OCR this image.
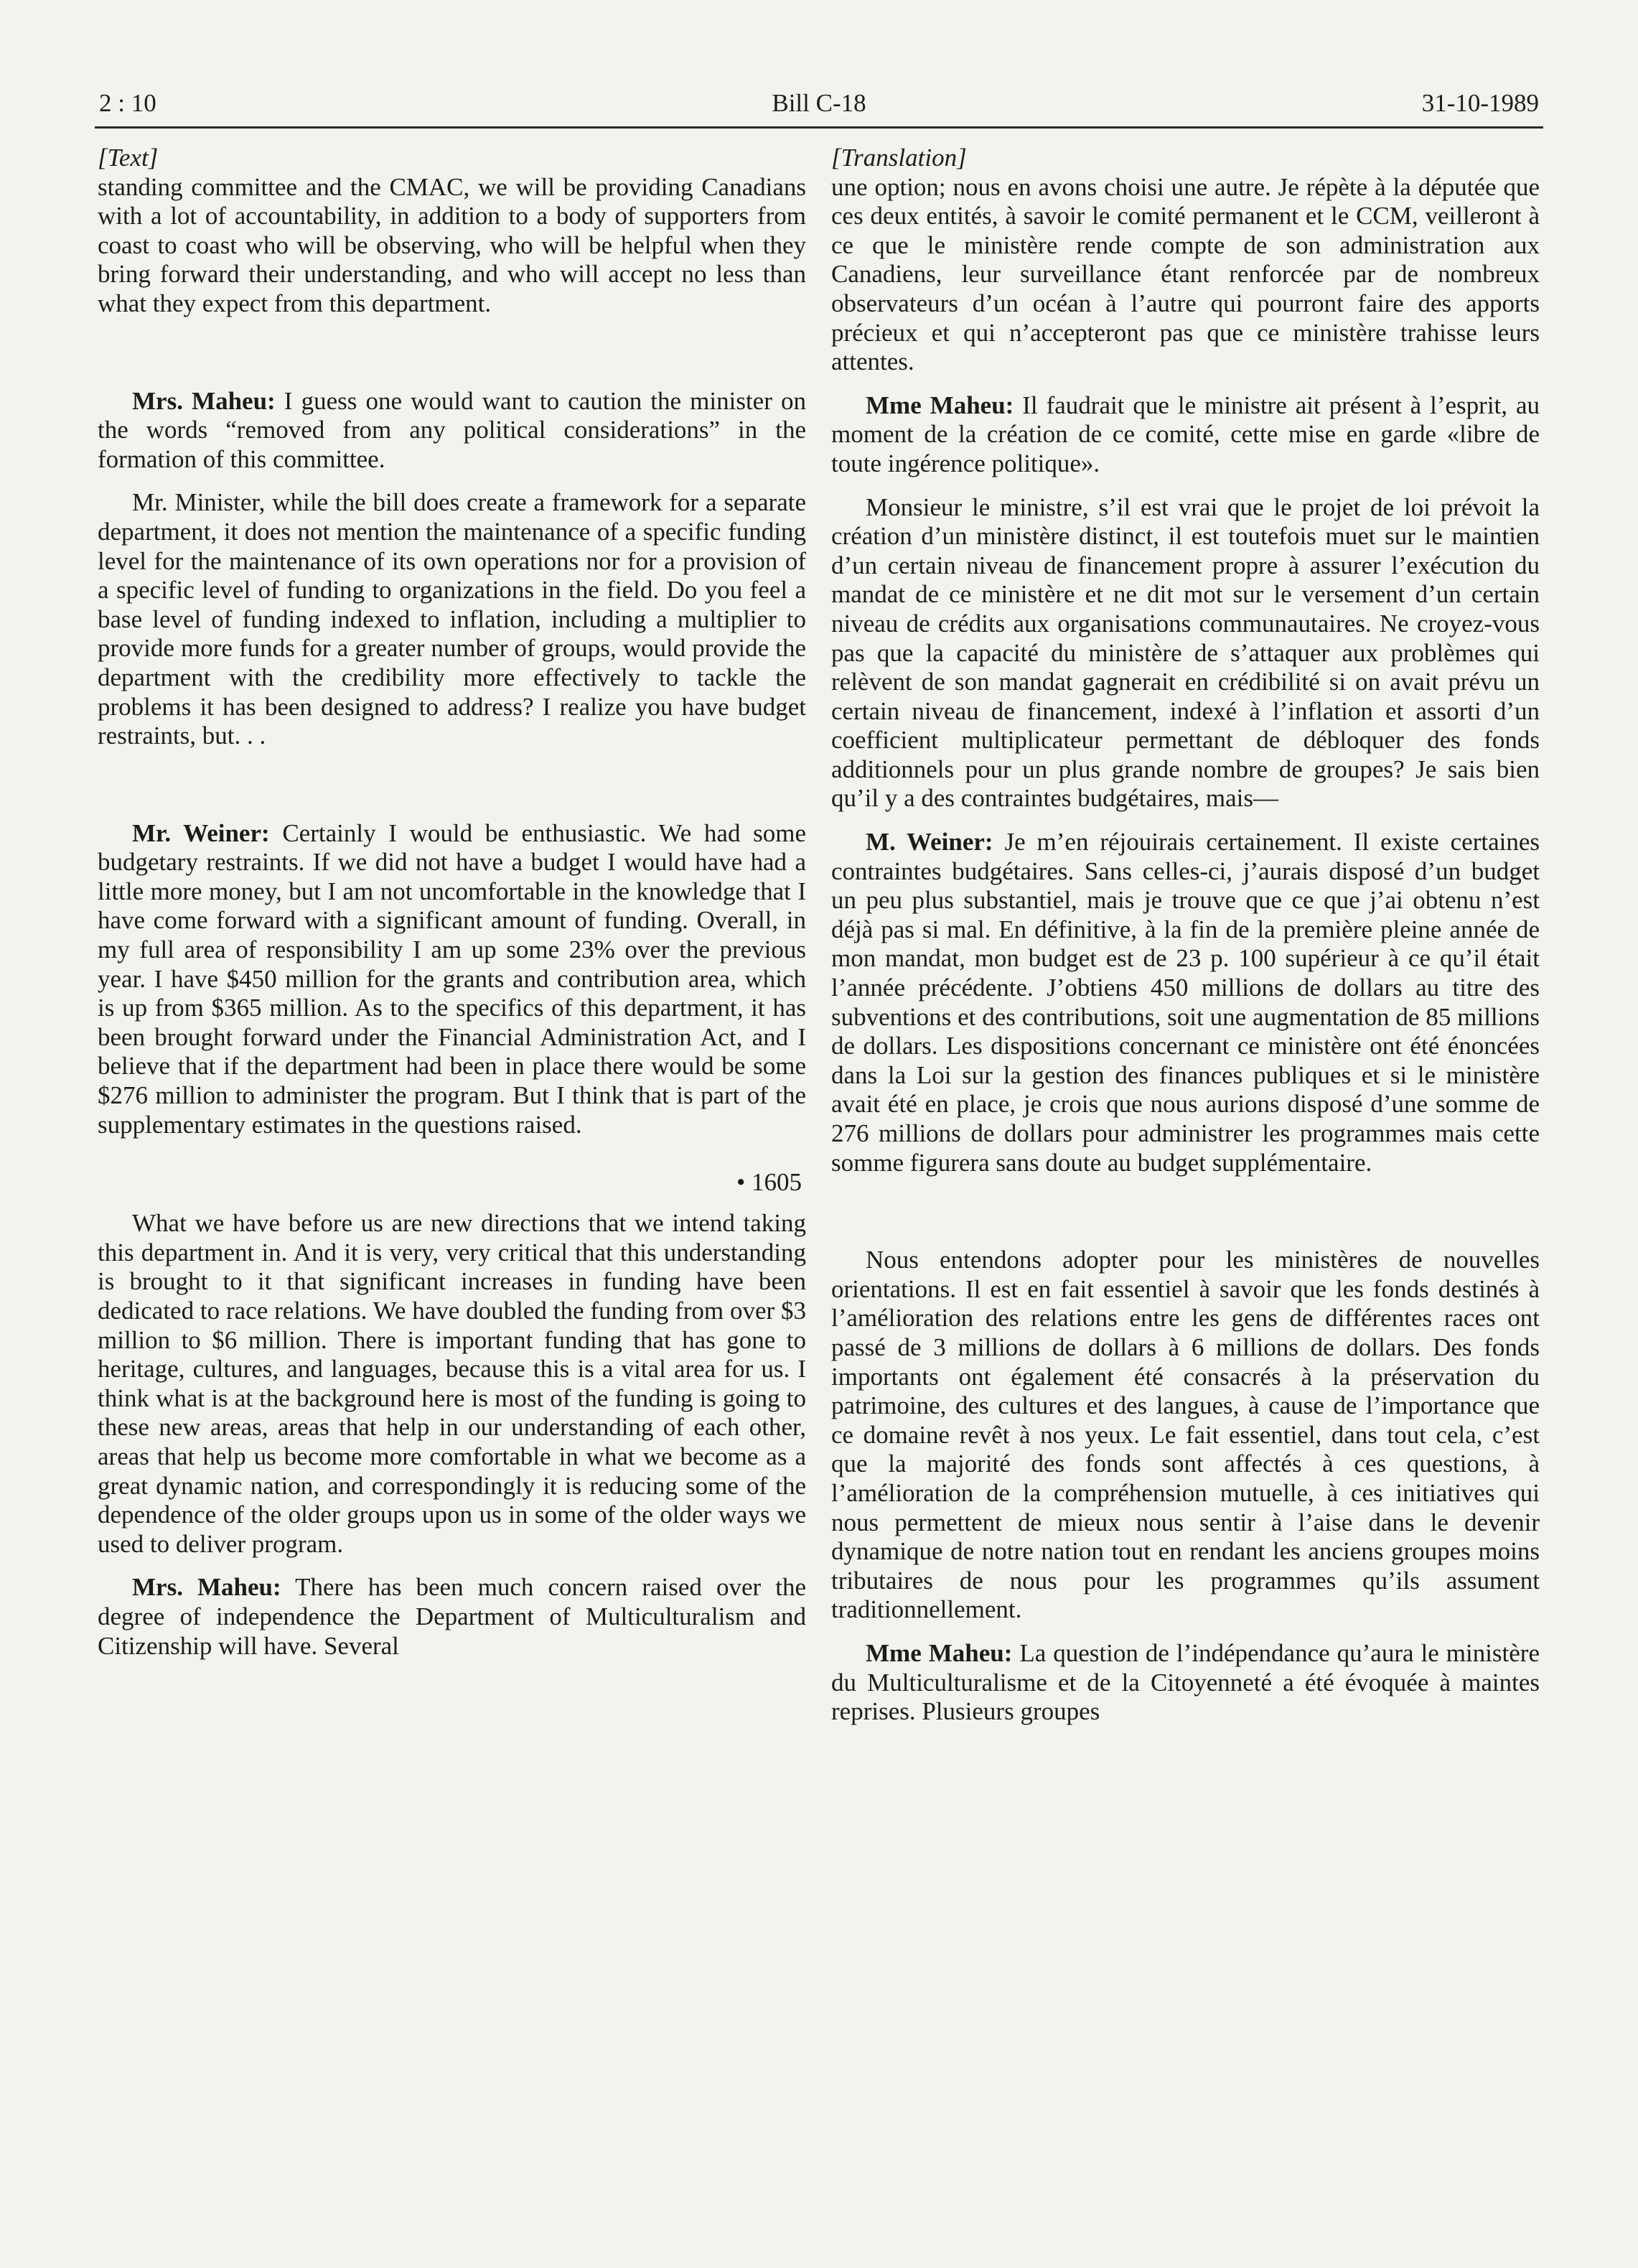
2 : 10	Bill C-18	31-10-1989

[Text]

standing committee and the CMAC, we will be providing Canadians with a lot of accountability, in addition to a body of supporters from coast to coast who will be observing, who will be helpful when they bring forward their understanding, and who will accept no less than what they expect from this department.

Mrs. Maheu: I guess one would want to caution the minister on the words “removed from any political considerations” in the formation of this committee.

Mr. Minister, while the bill does create a framework for a separate department, it does not mention the maintenance of a specific funding level for the maintenance of its own operations nor for a provision of a specific level of funding to organizations in the field. Do you feel a base level of funding indexed to inflation, including a multiplier to provide more funds for a greater number of groups, would provide the department with the credibility more effectively to tackle the problems it has been designed to address? I realize you have budget restraints, but. . .

Mr. Weiner: Certainly I would be enthusiastic. We had some budgetary restraints. If we did not have a budget I would have had a little more money, but I am not uncomfortable in the knowledge that I have come forward with a significant amount of funding. Overall, in my full area of responsibility I am up some 23% over the previous year. I have $450 million for the grants and contribution area, which is up from $365 million. As to the specifics of this department, it has been brought forward under the Financial Administration Act, and I believe that if the department had been in place there would be some $276 million to administer the program. But I think that is part of the supplementary estimates in the questions raised.

• 1605

What we have before us are new directions that we intend taking this department in. And it is very, very critical that this understanding is brought to it that significant increases in funding have been dedicated to race relations. We have doubled the funding from over $3 million to $6 million. There is important funding that has gone to heritage, cultures, and languages, because this is a vital area for us. I think what is at the background here is most of the funding is going to these new areas, areas that help in our understanding of each other, areas that help us become more comfortable in what we become as a great dynamic nation, and correspondingly it is reducing some of the dependence of the older groups upon us in some of the older ways we used to deliver program.

Mrs. Maheu: There has been much concern raised over the degree of independence the Department of Multiculturalism and Citizenship will have. Several

[Translation]

une option; nous en avons choisi une autre. Je répète à la députée que ces deux entités, à savoir le comité permanent et le CCM, veilleront à ce que le ministère rende compte de son administration aux Canadiens, leur surveillance étant renforcée par de nombreux observateurs d’un océan à l’autre qui pourront faire des apports précieux et qui n’accepteront pas que ce ministère trahisse leurs attentes.

Mme Maheu: Il faudrait que le ministre ait présent à l’esprit, au moment de la création de ce comité, cette mise en garde «libre de toute ingérence politique».

Monsieur le ministre, s’il est vrai que le projet de loi prévoit la création d’un ministère distinct, il est toutefois muet sur le maintien d’un certain niveau de financement propre à assurer l’exécution du mandat de ce ministère et ne dit mot sur le versement d’un certain niveau de crédits aux organisations communautaires. Ne croyez-vous pas que la capacité du ministère de s’attaquer aux problèmes qui relèvent de son mandat gagnerait en crédibilité si on avait prévu un certain niveau de financement, indexé à l’inflation et assorti d’un coefficient multiplicateur permettant de débloquer des fonds additionnels pour un plus grande nombre de groupes? Je sais bien qu’il y a des contraintes budgétaires, mais—

M. Weiner: Je m’en réjouirais certainement. Il existe certaines contraintes budgétaires. Sans celles-ci, j’aurais disposé d’un budget un peu plus substantiel, mais je trouve que ce que j’ai obtenu n’est déjà pas si mal. En définitive, à la fin de la première pleine année de mon mandat, mon budget est de 23 p. 100 supérieur à ce qu’il était l’année précédente. J’obtiens 450 millions de dollars au titre des subventions et des contributions, soit une augmentation de 85 millions de dollars. Les dispositions concernant ce ministère ont été énoncées dans la Loi sur la gestion des finances publiques et si le ministère avait été en place, je crois que nous aurions disposé d’une somme de 276 millions de dollars pour administrer les programmes mais cette somme figurera sans doute au budget supplémentaire.

Nous entendons adopter pour les ministères de nouvelles orientations. Il est en fait essentiel à savoir que les fonds destinés à l’amélioration des relations entre les gens de différentes races ont passé de 3 millions de dollars à 6 millions de dollars. Des fonds importants ont également été consacrés à la préservation du patrimoine, des cultures et des langues, à cause de l’importance que ce domaine revêt à nos yeux. Le fait essentiel, dans tout cela, c’est que la majorité des fonds sont affectés à ces questions, à l’amélioration de la compréhension mutuelle, à ces initiatives qui nous permettent de mieux nous sentir à l’aise dans le devenir dynamique de notre nation tout en rendant les anciens groupes moins tributaires de nous pour les programmes qu’ils assument traditionnellement.

Mme Maheu: La question de l’indépendance qu’aura le ministère du Multiculturalisme et de la Citoyenneté a été évoquée à maintes reprises. Plusieurs groupes
